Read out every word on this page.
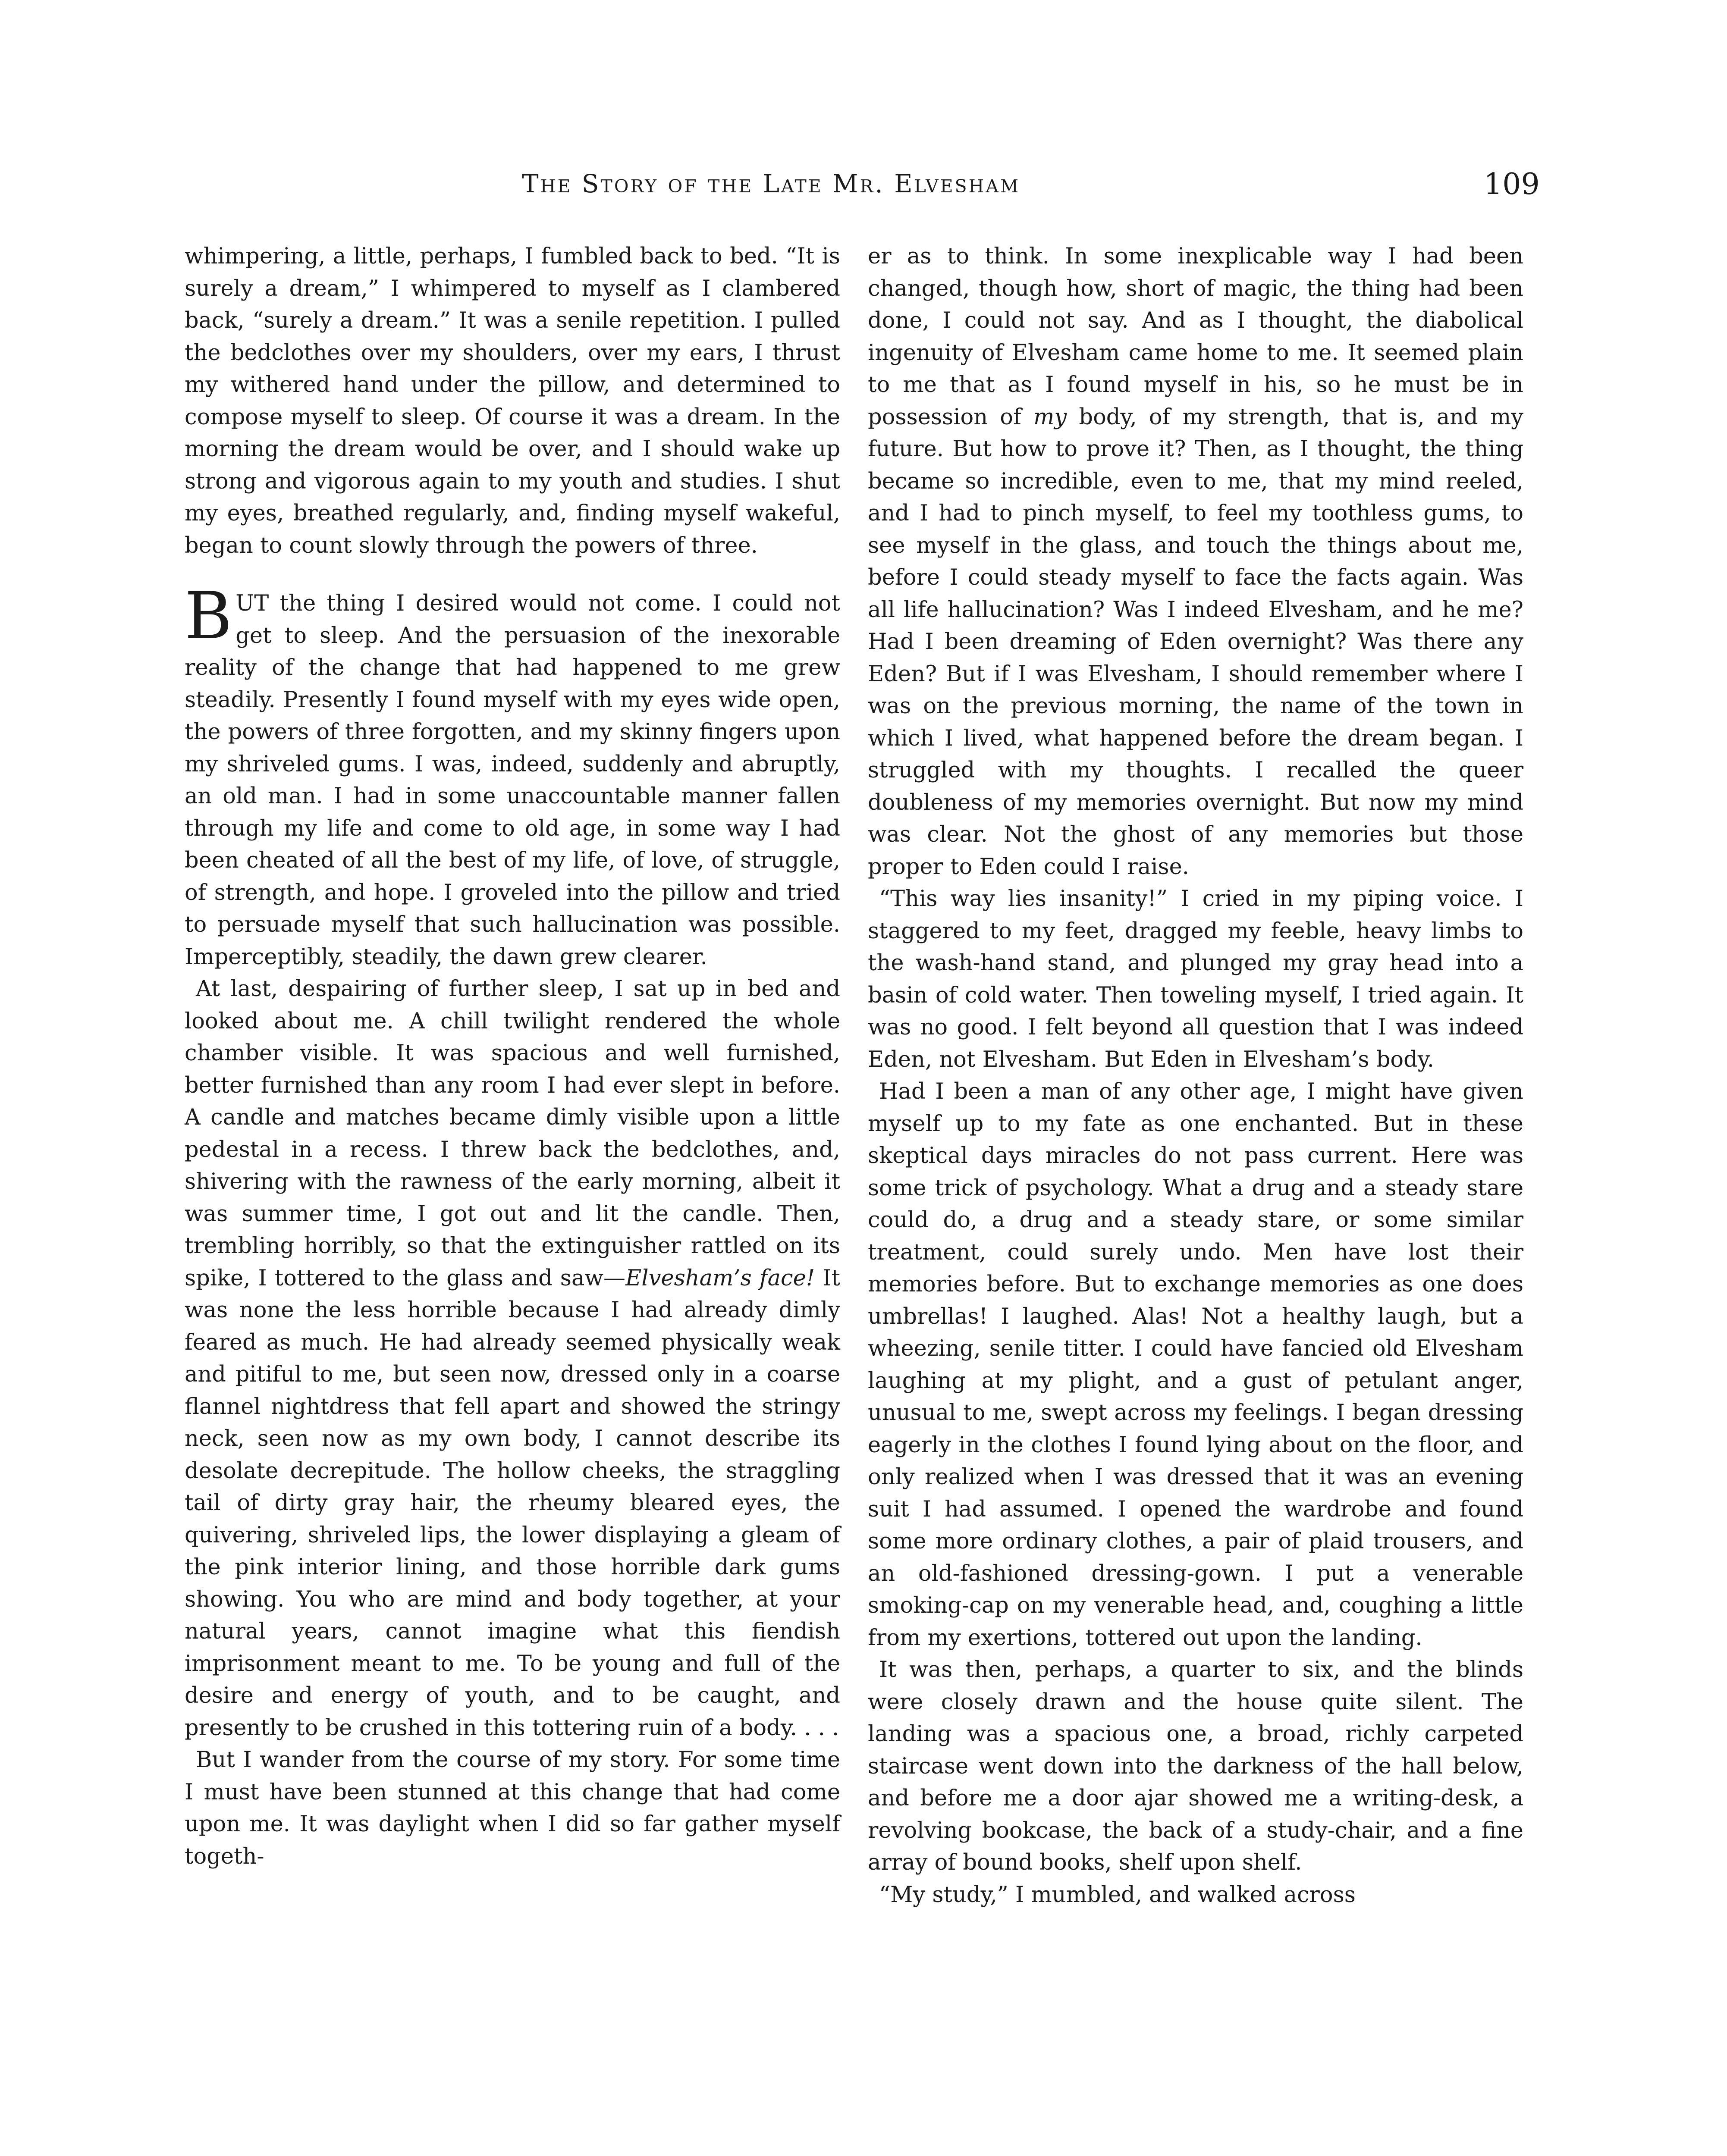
The Story of the Late Mr. Elvesham	109

whimpering, a little, perhaps, I fumbled back to bed. “It is surely a dream,” I whimpered to myself as I clambered back, “surely a dream.” It was a senile repetition. I pulled the bedclothes over my shoulders, over my ears, I thrust my withered hand under the pillow, and determined to compose myself to sleep. Of course it was a dream. In the morning the dream would be over, and I should wake up strong and vigorous again to my youth and studies. I shut my eyes, breathed regularly, and, finding myself wakeful, began to count slowly through the powers of three.

BUT the thing I desired would not come. I could not get to sleep. And the persuasion of the inexorable reality of the change that had happened to me grew steadily. Presently I found myself with my eyes wide open, the powers of three forgotten, and my skinny fingers upon my shriveled gums. I was, indeed, suddenly and abruptly, an old man. I had in some unaccountable manner fallen through my life and come to old age, in some way I had been cheated of all the best of my life, of love, of struggle, of strength, and hope. I groveled into the pillow and tried to persuade myself that such hallucination was possible. Imperceptibly, steadily, the dawn grew clearer.

At last, despairing of further sleep, I sat up in bed and looked about me. A chill twilight rendered the whole chamber visible. It was spacious and well furnished, better furnished than any room I had ever slept in before. A candle and matches became dimly visible upon a little pedestal in a recess. I threw back the bedclothes, and, shivering with the rawness of the early morning, albeit it was summer time, I got out and lit the candle. Then, trembling horribly, so that the extinguisher rattled on its spike, I tottered to the glass and saw—Elvesham’s face! It was none the less horrible because I had already dimly feared as much. He had already seemed physically weak and pitiful to me, but seen now, dressed only in a coarse flannel nightdress that fell apart and showed the stringy neck, seen now as my own body, I cannot describe its desolate decrepitude. The hollow cheeks, the straggling tail of dirty gray hair, the rheumy bleared eyes, the quivering, shriveled lips, the lower displaying a gleam of the pink interior lining, and those horrible dark gums showing. You who are mind and body together, at your natural years, cannot imagine what this fiendish imprisonment meant to me. To be young and full of the desire and energy of youth, and to be caught, and presently to be crushed in this tottering ruin of a body. . . .

But I wander from the course of my story. For some time I must have been stunned at this change that had come upon me. It was daylight when I did so far gather myself togeth-

er as to think. In some inexplicable way I had been changed, though how, short of magic, the thing had been done, I could not say. And as I thought, the diabolical ingenuity of Elvesham came home to me. It seemed plain to me that as I found myself in his, so he must be in possession of my body, of my strength, that is, and my future. But how to prove it? Then, as I thought, the thing became so incredible, even to me, that my mind reeled, and I had to pinch myself, to feel my toothless gums, to see myself in the glass, and touch the things about me, before I could steady myself to face the facts again. Was all life hallucination? Was I indeed Elvesham, and he me? Had I been dreaming of Eden overnight? Was there any Eden? But if I was Elvesham, I should remember where I was on the previous morning, the name of the town in which I lived, what happened before the dream began. I struggled with my thoughts. I recalled the queer doubleness of my memories overnight. But now my mind was clear. Not the ghost of any memories but those proper to Eden could I raise.

“This way lies insanity!” I cried in my piping voice. I staggered to my feet, dragged my feeble, heavy limbs to the wash-hand stand, and plunged my gray head into a basin of cold water. Then toweling myself, I tried again. It was no good. I felt beyond all question that I was indeed Eden, not Elvesham. But Eden in Elvesham’s body.

Had I been a man of any other age, I might have given myself up to my fate as one enchanted. But in these skeptical days miracles do not pass current. Here was some trick of psychology. What a drug and a steady stare could do, a drug and a steady stare, or some similar treatment, could surely undo. Men have lost their memories before. But to exchange memories as one does umbrellas! I laughed. Alas! Not a healthy laugh, but a wheezing, senile titter. I could have fancied old Elvesham laughing at my plight, and a gust of petulant anger, unusual to me, swept across my feelings. I began dressing eagerly in the clothes I found lying about on the floor, and only realized when I was dressed that it was an evening suit I had assumed. I opened the wardrobe and found some more ordinary clothes, a pair of plaid trousers, and an old-fashioned dressing-gown. I put a venerable smoking-cap on my venerable head, and, coughing a little from my exertions, tottered out upon the landing.

It was then, perhaps, a quarter to six, and the blinds were closely drawn and the house quite silent. The landing was a spacious one, a broad, richly carpeted staircase went down into the darkness of the hall below, and before me a door ajar showed me a writing-desk, a revolving bookcase, the back of a study-chair, and a fine array of bound books, shelf upon shelf.

“My study,” I mumbled, and walked across
